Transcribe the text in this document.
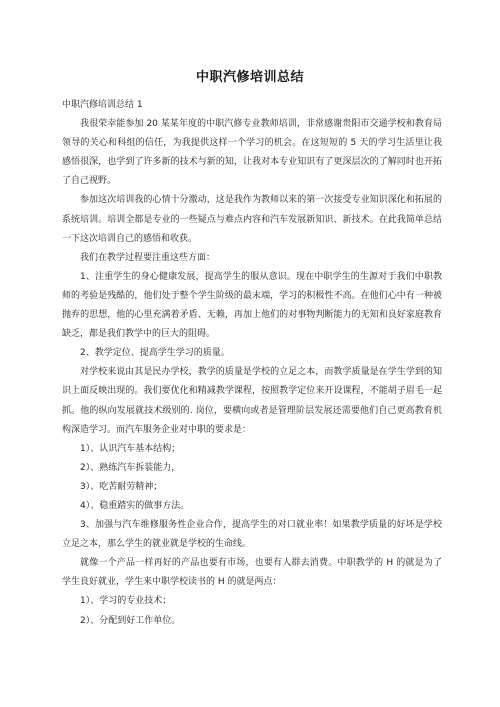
中职汽修培训总结

中职汽修培训总结 1

我很荣幸能参加 20 某某年度的中职汽修专业教师培训，非常感谢贵阳市交通学校和教育局领导的关心和科组的信任，为我提供这样一个学习的机会。在这短短的 5 天的学习生活里让我感悟很深，也学到了许多新的技术与新的知，让我对本专业知识有了更深层次的了解同时也开拓了自己视野。

参加这次培训我的心情十分激动，这是我作为教师以来的第一次接受专业知识深化和拓展的系统培训。培训全都是专业的一些疑点与难点内容和汽车发展新知识、新技术。在此我简单总结一下这次培训自己的感悟和收获。

我们在教学过程要注重这些方面：

1、注重学生的身心健康发展，提高学生的服从意识。现在中职学生的生源对于我们中职教师的考验是残酷的，他们处于整个学生阶级的最末端，学习的积极性不高。在他们心中有一种被抛弃的思想，他的心里充满着矛盾、无赖，再加上他们的对事物判断能力的无知和良好家庭教育缺乏，都是我们教学中的巨大的阻碍。

2、教学定位、提高学生学习的质量。

对学校来说由其是民办学校，教学的质量是学校的立足之本，而教学质量是在学生学到的知识上面反映出现的。我们要优化和精减教学课程，按照教学定位来开设课程，不能胡子眉毛一起抓。他的纵向发展就技术级别的. 岗位，要横向或者是管理阶层发展还需要他们自己更高教育机构深造学习。而汽车服务企业对中职的要求是：

1）、认识汽车基本结构；

2）、熟练汽车拆装能力，

3）、吃苦耐劳精神；

4）、稳重踏实的做事方法。

3、加强与汽车维修服务性企业合作，提高学生的对口就业率！如果教学质量的好坏是学校立足之本，那么学生的就业就是学校的生命线。

就像一个产品一样再好的产品也要有市场，也要有人群去消费。中职教学的 H 的就是为了学生良好就业，学生来中职学校读书的 H 的就是两点：

1）、学习的专业技术；

2）、分配到好工作单位。
